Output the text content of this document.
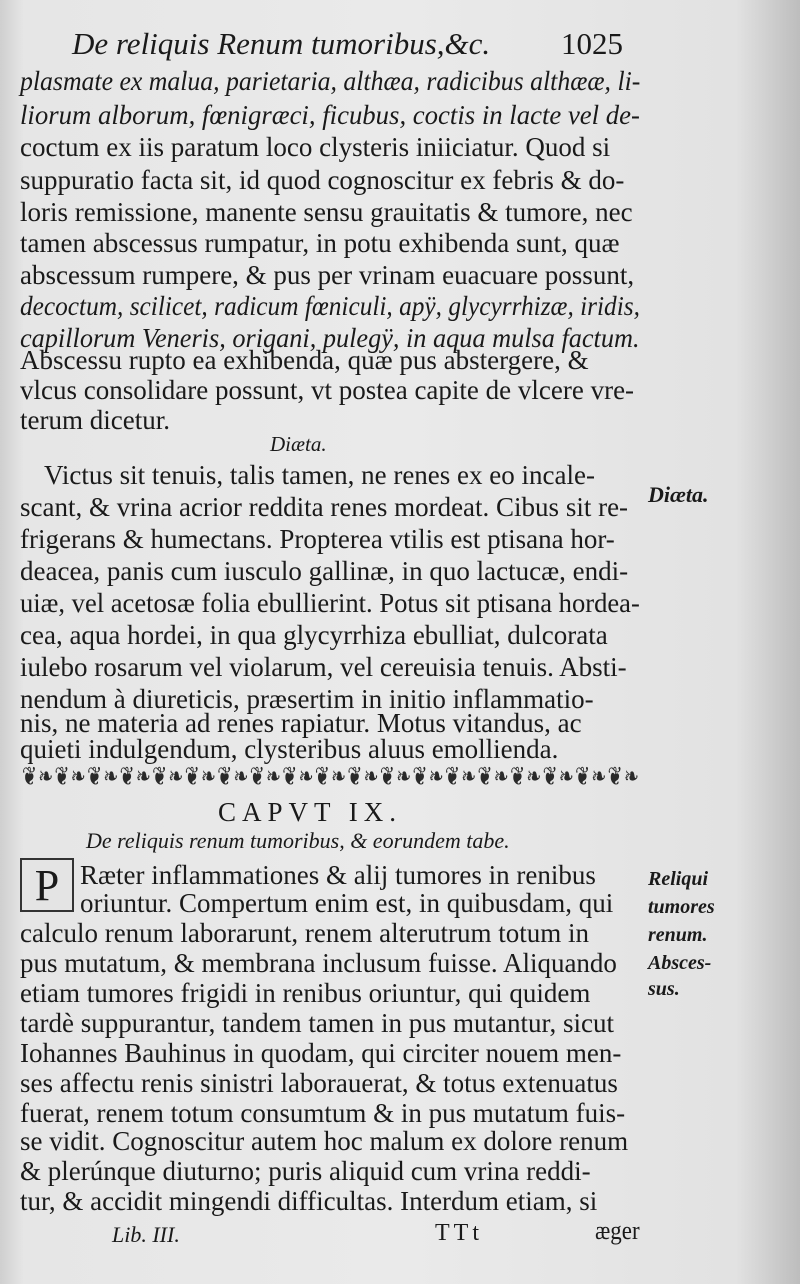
De reliquis Renum tumoribus,&c. 1025
plasmate ex malua, parietaria, althæa, radicibus althææ, li-
liorum alborum, fœnigræci, ficubus, coctis in lacte vel de-
coctum ex iis paratum loco clysteris iniiciatur. Quod si
suppuratio facta sit, id quod cognoscitur ex febris & do-
loris remissione, manente sensu grauitatis & tumore, nec
tamen abscessus rumpatur, in potu exhibenda sunt, quæ
abscessum rumpere, & pus per vrinam euacuare possunt,
decoctum, scilicet, radicum fœniculi, apÿ, glycyrrhizæ, iridis,
capillorum Veneris, origani, pulegÿ, in aqua mulsa factum.
Abscessu rupto ea exhibenda, quæ pus abstergere, &
vlcus consolidare possunt, vt postea capite de vlcere vre-
terum dicetur.
Diæta.
Diæta.
Victus sit tenuis, talis tamen, ne renes ex eo incale-
scant, & vrina acrior reddita renes mordeat. Cibus sit re-
frigerans & humectans. Propterea vtilis est ptisana hor-
deacea, panis cum iusculo gallinæ, in quo lactucæ, endi-
uiæ, vel acetosæ folia ebullierint. Potus sit ptisana hordea-
cea, aqua hordei, in qua glycyrrhiza ebulliat, dulcorata
iulebo rosarum vel violarum, vel cereuisia tenuis. Absti-
nendum à diureticis, præsertim in initio inflammatio-
nis, ne materia ad renes rapiatur. Motus vitandus, ac
quieti indulgendum, clysteribus aluus emollienda.
❦❧❦❧❦❧❦❧❦❧❦❧❦❧❦❧❦❧❦❧❦❧❦❧❦❧❦❧❦❧❦❧❦❧❦❧❦❧
CAPVT IX.
De reliquis renum tumoribus, & eorundem tabe.
P Ræter inflammationes & alij tumores in renibus
oriuntur. Compertum enim est, in quibusdam, qui
calculo renum laborarunt, renem alterutrum totum in
pus mutatum, & membrana inclusum fuisse. Aliquando
etiam tumores frigidi in renibus oriuntur, qui quidem
tardè suppurantur, tandem tamen in pus mutantur, sicut
Iohannes Bauhinus in quodam, qui circiter nouem men-
ses affectu renis sinistri laborauerat, & totus extenuatus
fuerat, renem totum consumtum & in pus mutatum fuis-
se vidit. Cognoscitur autem hoc malum ex dolore renum
& plerúnque diuturno; puris aliquid cum vrina reddi-
tur, & accidit mingendi difficultas. Interdum etiam, si
Reliqui
tumores
renum.
Absces-
sus.
Lib. III.	TTt	æger
